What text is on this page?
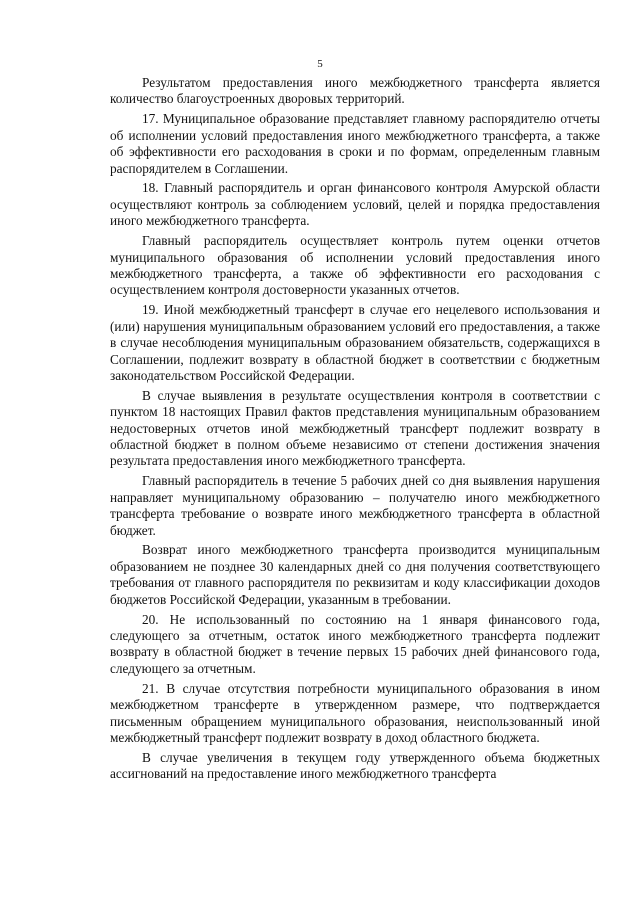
5

Результатом предоставления иного межбюджетного трансферта является количество благоустроенных дворовых территорий.

17. Муниципальное образование представляет главному распорядителю отчеты об исполнении условий предоставления иного межбюджетного трансферта, а также об эффективности его расходования в сроки и по формам, определенным главным распорядителем в Соглашении.

18. Главный распорядитель и орган финансового контроля Амурской области осуществляют контроль за соблюдением условий, целей и порядка предоставления иного межбюджетного трансферта.

Главный распорядитель осуществляет контроль путем оценки отчетов муниципального образования об исполнении условий предоставления иного межбюджетного трансферта, а также об эффективности его расходования с осуществлением контроля достоверности указанных отчетов.

19. Иной межбюджетный трансферт в случае его нецелевого использования и (или) нарушения муниципальным образованием условий его предоставления, а также в случае несоблюдения муниципальным образованием обязательств, содержащихся в Соглашении, подлежит возврату в областной бюджет в соответствии с бюджетным законодательством Российской Федерации.

В случае выявления в результате осуществления контроля в соответствии с пунктом 18 настоящих Правил фактов представления муниципальным образованием недостоверных отчетов иной межбюджетный трансферт подлежит возврату в областной бюджет в полном объеме независимо от степени достижения значения результата предоставления иного межбюджетного трансферта.

Главный распорядитель в течение 5 рабочих дней со дня выявления нарушения направляет муниципальному образованию – получателю иного межбюджетного трансферта требование о возврате иного межбюджетного трансферта в областной бюджет.

Возврат иного межбюджетного трансферта производится муниципальным образованием не позднее 30 календарных дней со дня получения соответствующего требования от главного распорядителя по реквизитам и коду классификации доходов бюджетов Российской Федерации, указанным в требовании.

20. Не использованный по состоянию на 1 января финансового года, следующего за отчетным, остаток иного межбюджетного трансферта подлежит возврату в областной бюджет в течение первых 15 рабочих дней финансового года, следующего за отчетным.

21. В случае отсутствия потребности муниципального образования в ином межбюджетном трансферте в утвержденном размере, что подтверждается письменным обращением муниципального образования, неиспользованный иной межбюджетный трансферт подлежит возврату в доход областного бюджета.

В случае увеличения в текущем году утвержденного объема бюджетных ассигнований на предоставление иного межбюджетного трансферта
